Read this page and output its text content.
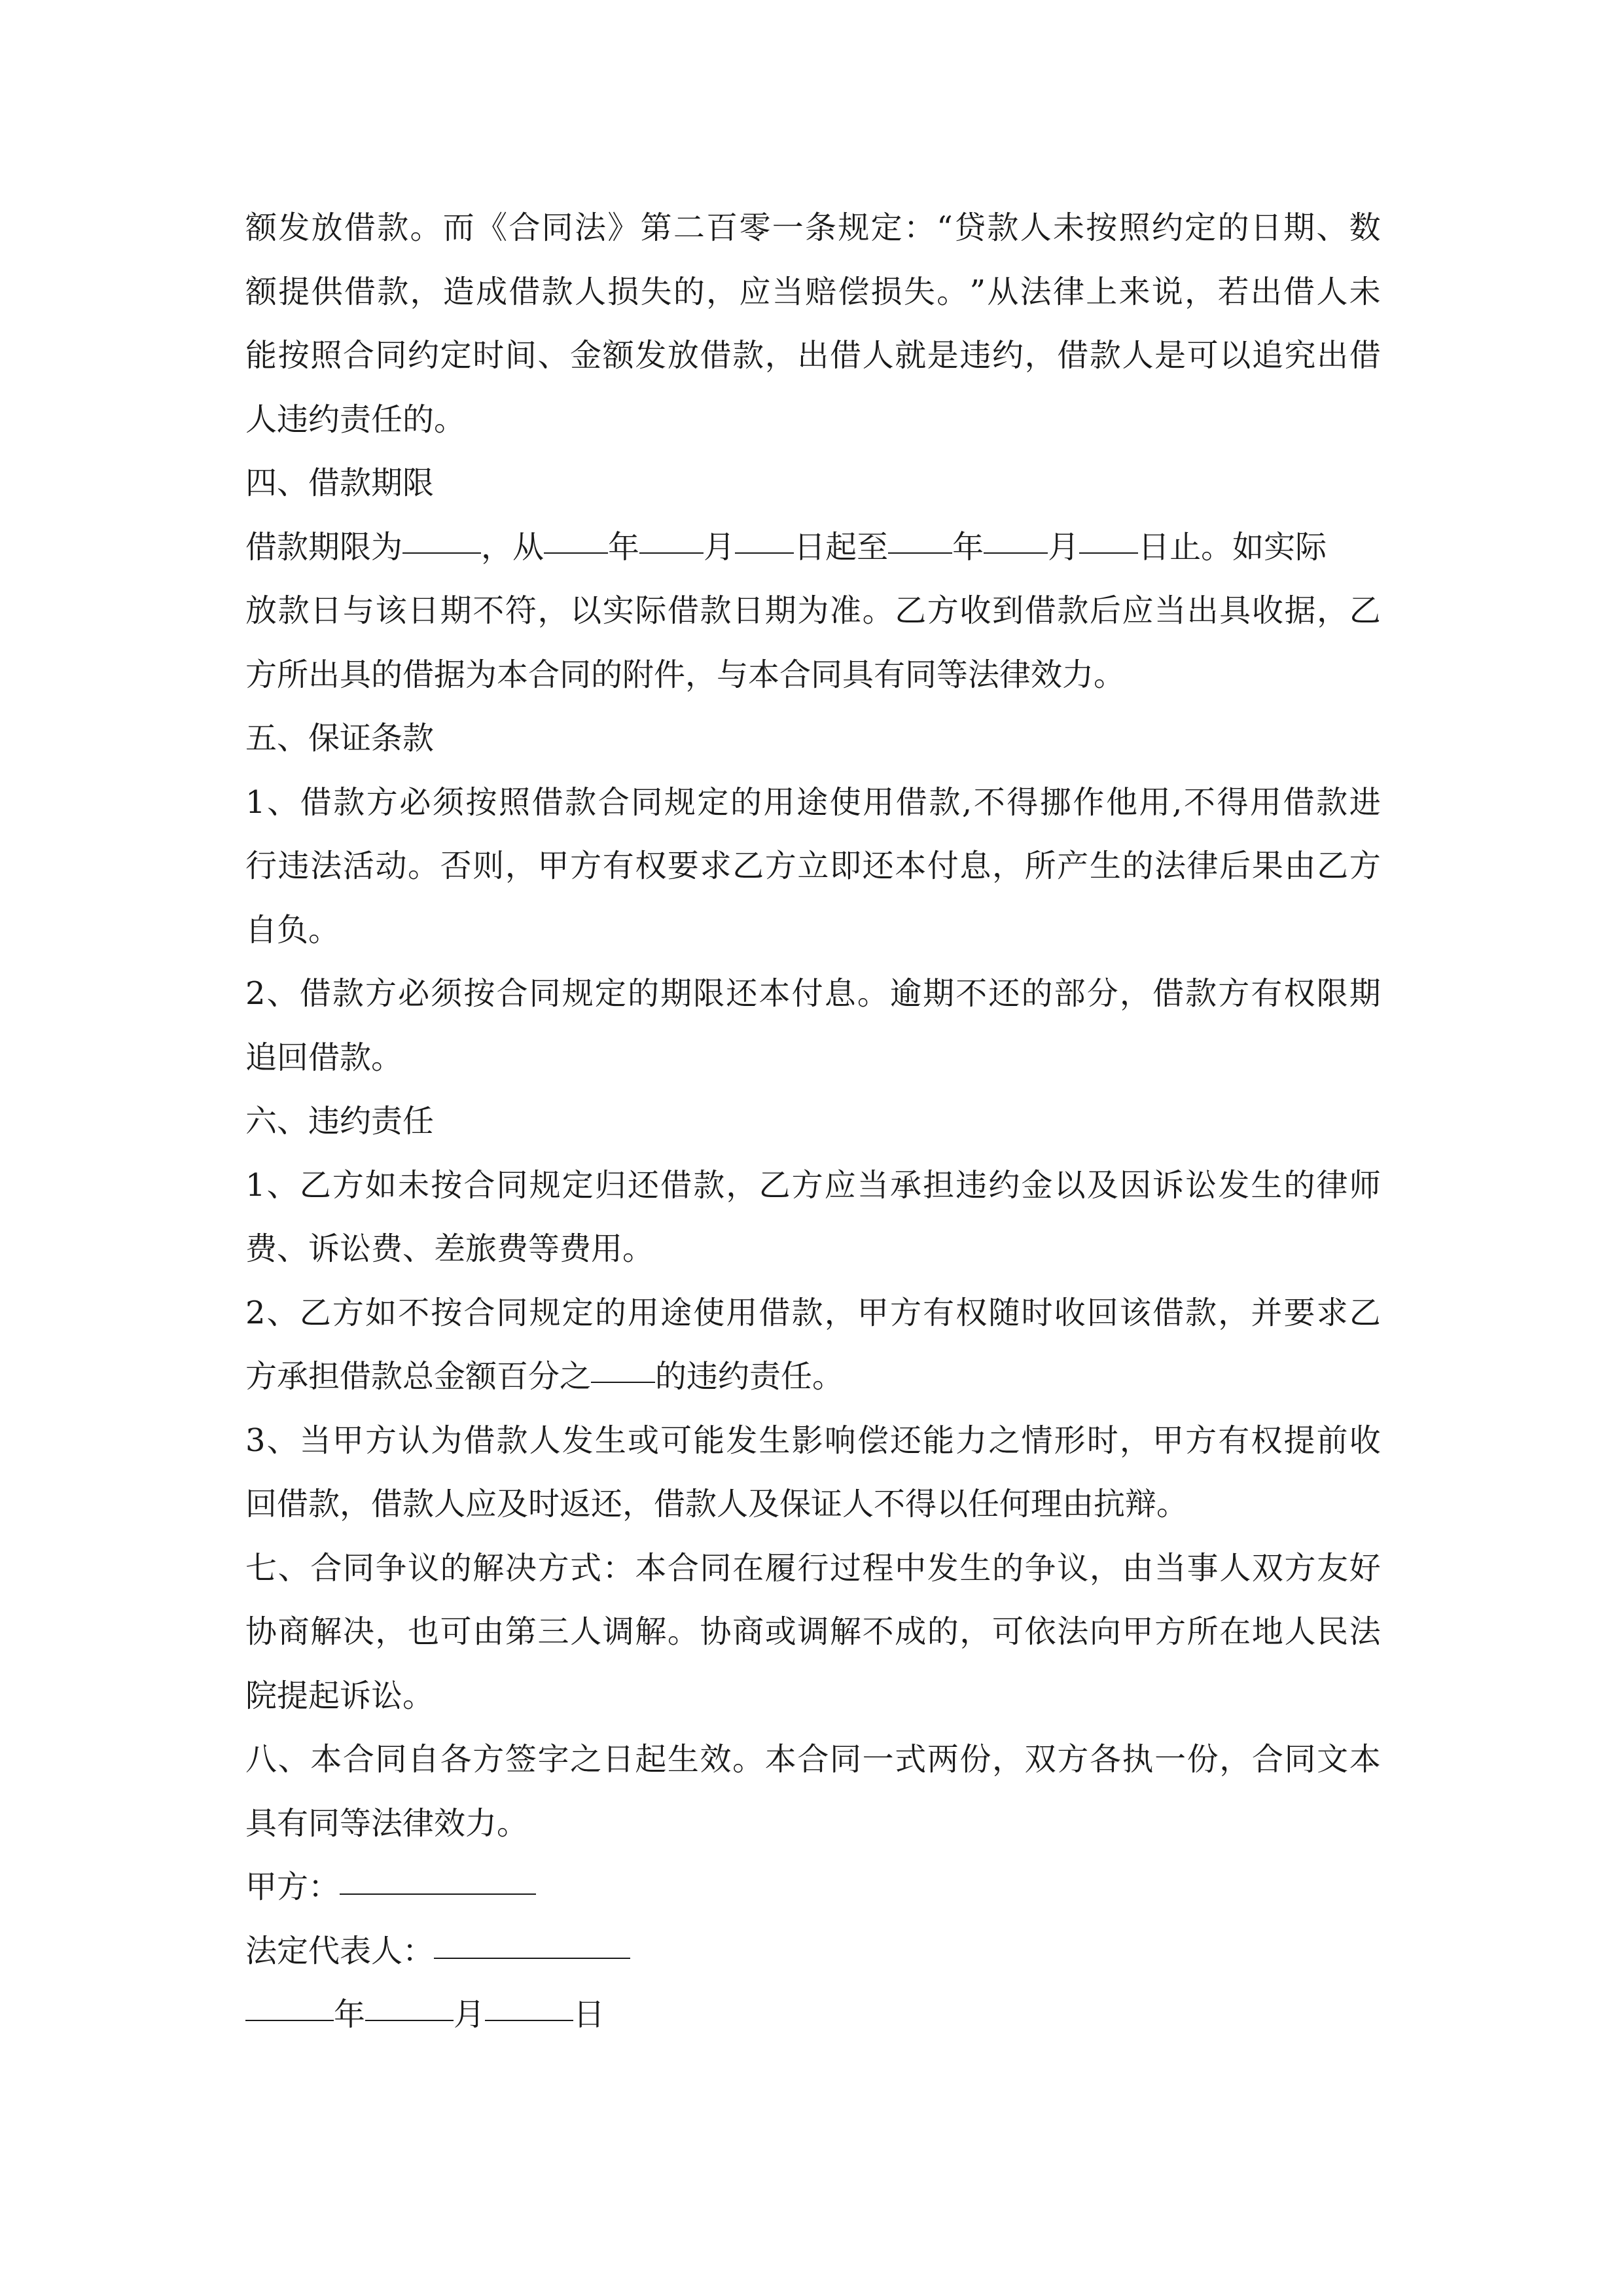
额 发 放 借 款 。 而 《 合 同 法 》 第 二 百 零 一 条 规 定 ： “ 贷 款 人 未 按 照 约 定 的 日 期 、 数
额 提 供 借 款 ， 造 成 借 款 人 损 失 的 ， 应 当 赔 偿 损 失 。 ” 从 法 律 上 来 说 ， 若 出 借 人 未
能 按 照 合 同 约 定 时 间 、 金 额 发 放 借 款 ， 出 借 人 就 是 违 约 ， 借 款 人 是 可 以 追 究 出 借
人违约责任的。
四、借款期限
借款期限为	，从 年 月 日起至 年 月 日止。如实际
放 款 日 与 该 日 期 不 符 ， 以 实 际 借 款 日 期 为 准 。 乙 方 收 到 借 款 后 应 当 出 具 收 据 ， 乙
方所出具的借据为本合同的附件，与本合同具有同等法律效力。
五、保证条款
1 、 借 款 方 必 须 按 照 借 款 合 同 规 定 的 用 途 使 用 借 款 , 不 得 挪 作 他 用 , 不 得 用 借 款 进
行 违 法 活 动 。 否 则 ， 甲 方 有 权 要 求 乙 方 立 即 还 本 付 息 ， 所 产 生 的 法 律 后 果 由 乙 方
自负。
2 、 借 款 方 必 须 按 合 同 规 定 的 期 限 还 本 付 息 。 逾 期 不 还 的 部 分 ， 借 款 方 有 权 限 期
追回借款。
六、违约责任
1 、 乙 方 如 未 按 合 同 规 定 归 还 借 款 ， 乙 方 应 当 承 担 违 约 金 以 及 因 诉 讼 发 生 的 律 师
费、诉讼费、差旅费等费用。
2 、 乙 方 如 不 按 合 同 规 定 的 用 途 使 用 借 款 ， 甲 方 有 权 随 时 收 回 该 借 款 ， 并 要 求 乙
方承担借款总金额百分之 的违约责任。
3 、 当 甲 方 认 为 借 款 人 发 生 或 可 能 发 生 影 响 偿 还 能 力 之 情 形 时 ， 甲 方 有 权 提 前 收
回借款，借款人应及时返还，借款人及保证人不得以任何理由抗辩。
七 、 合 同 争 议 的 解 决 方 式 ： 本 合 同 在 履 行 过 程 中 发 生 的 争 议 ， 由 当 事 人 双 方 友 好
协 商 解 决 ， 也 可 由 第 三 人 调 解 。 协 商 或 调 解 不 成 的 ， 可 依 法 向 甲 方 所 在 地 人 民 法
院提起诉讼。
八 、 本 合 同 自 各 方 签 字 之 日 起 生 效 。 本 合 同 一 式 两 份 ， 双 方 各 执 一 份 ， 合 同 文 本
具有同等法律效力。
甲方：
法定代表人：
年	月	日
